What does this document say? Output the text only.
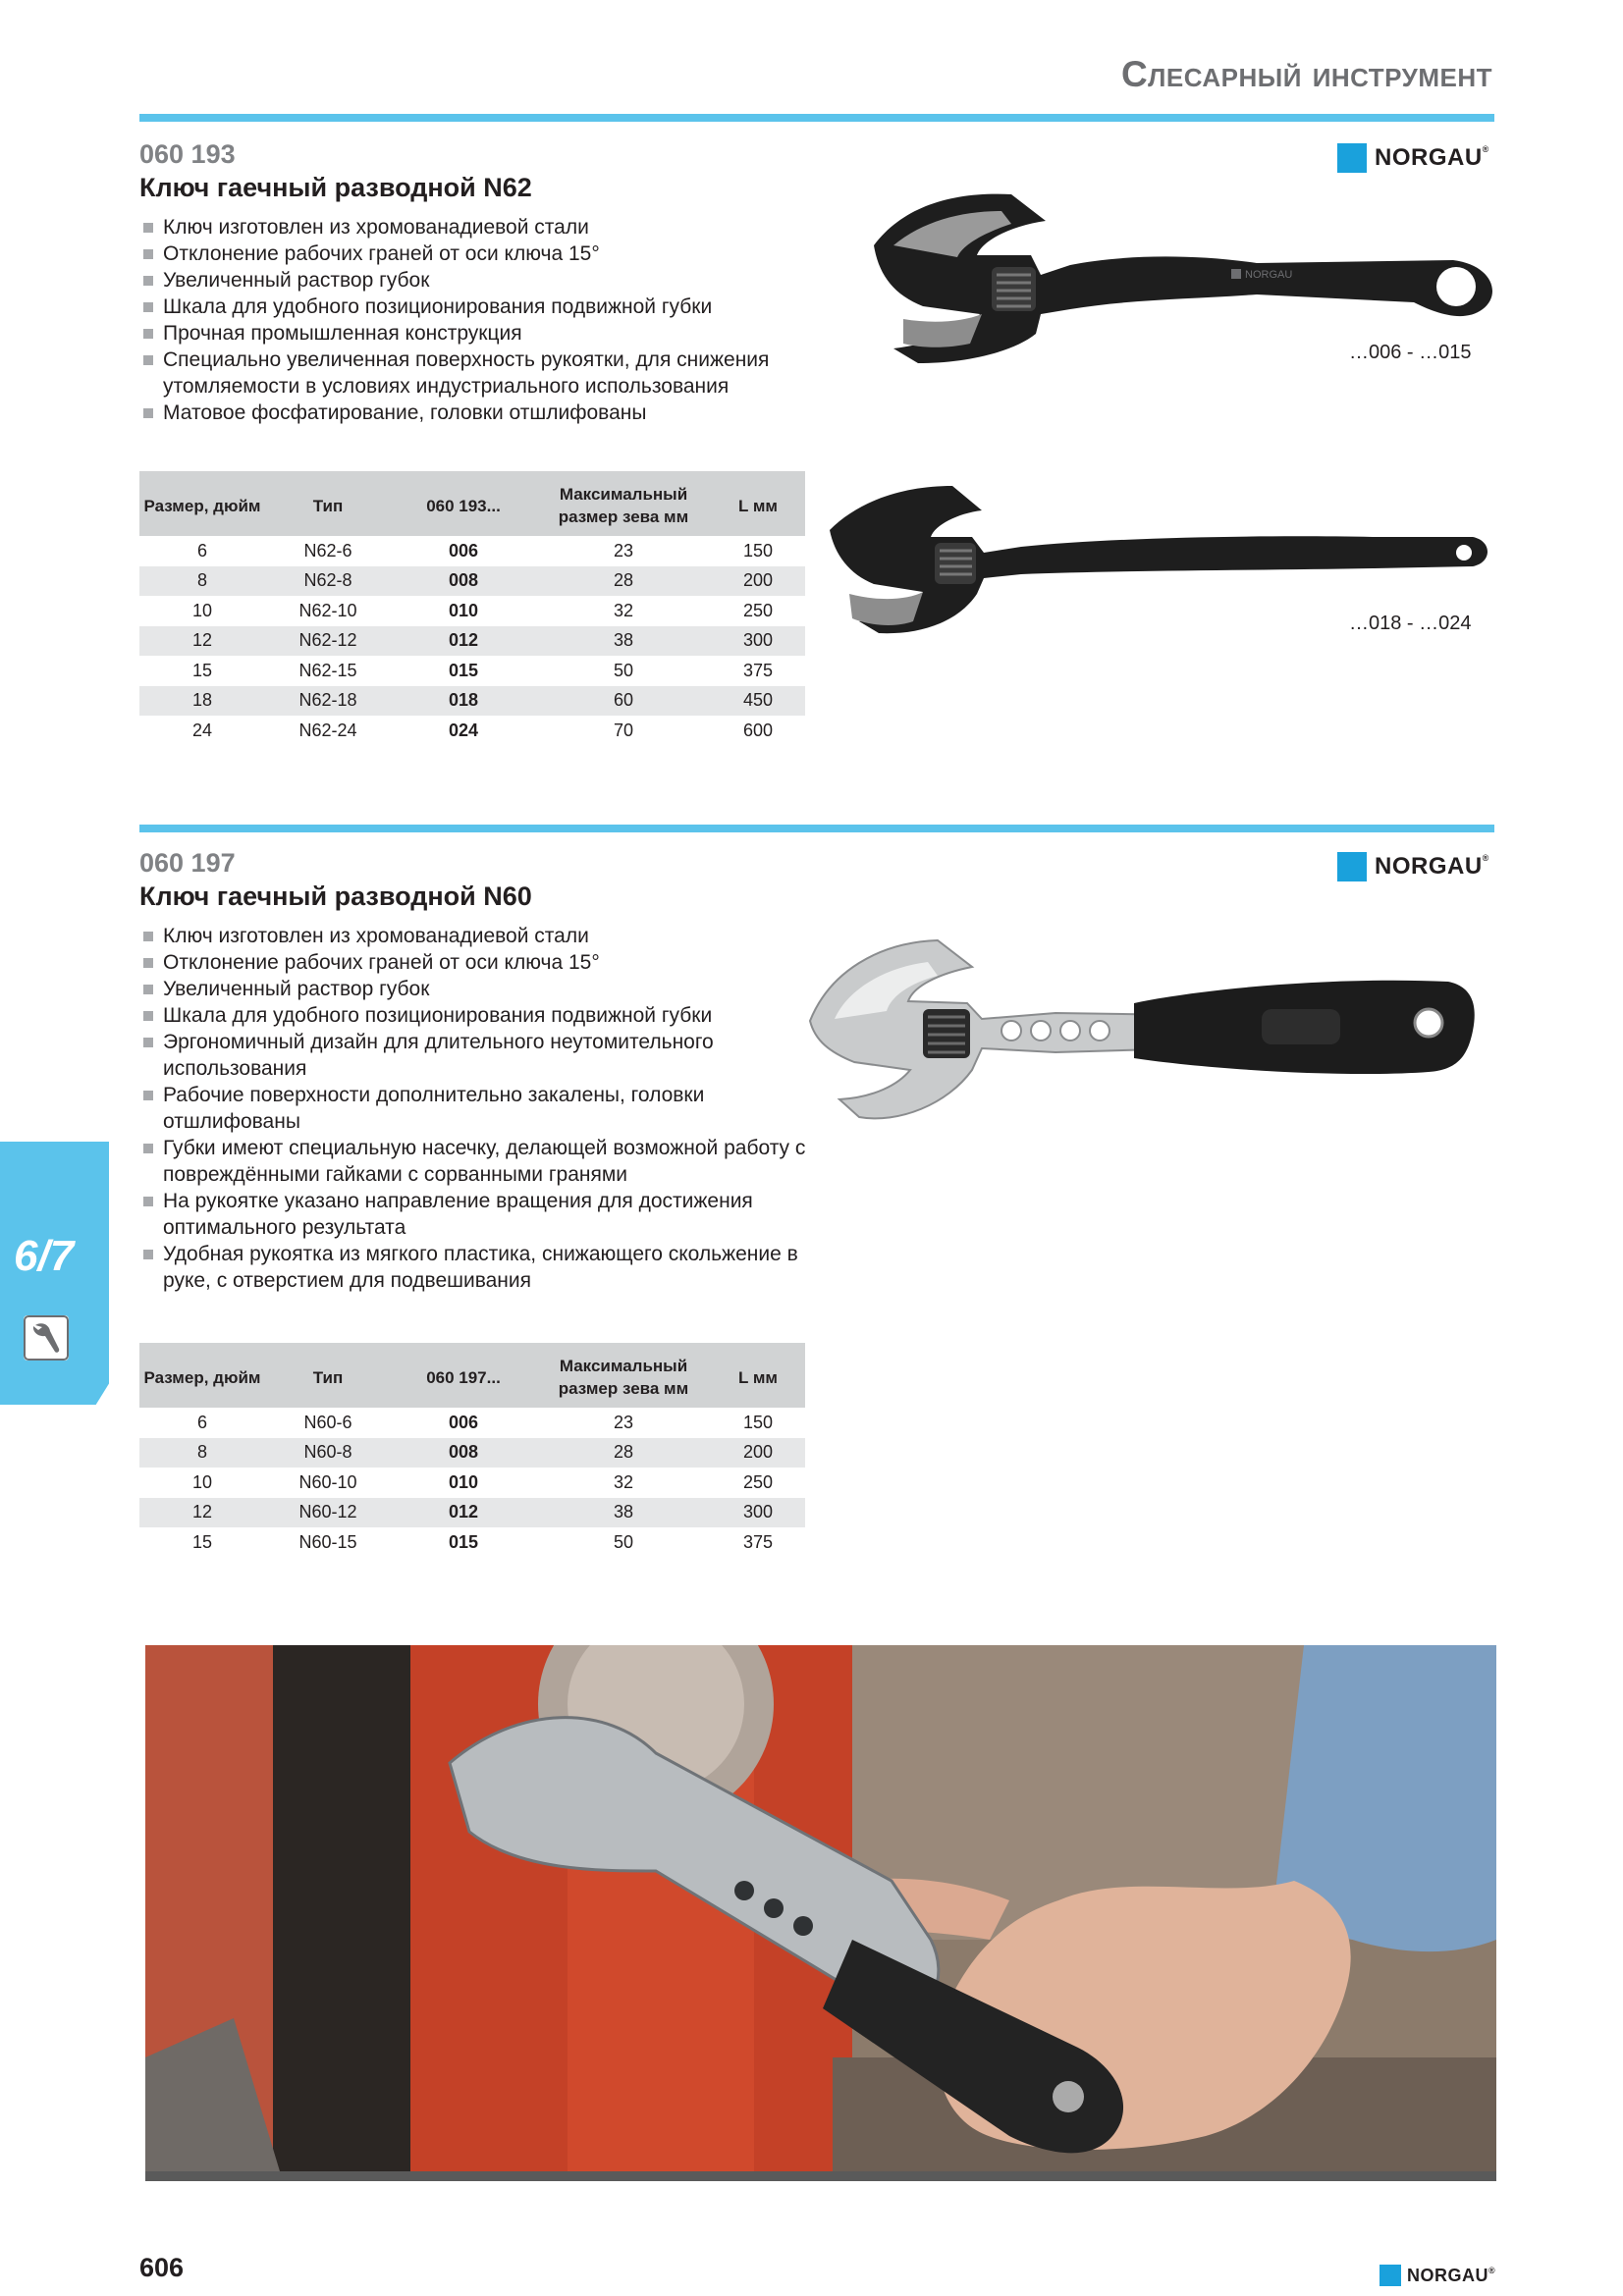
Слесарный инструмент
060 193
Ключ гаечный разводной N62
NORGAU®
Ключ изготовлен из хромованадиевой стали
Отклонение рабочих граней от оси ключа 15°
Увеличенный раствор губок
Шкала для удобного позиционирования подвижной губки
Прочная промышленная конструкция
Специально увеличенная поверхность рукоятки, для снижения утомляемости в условиях индустриального использования
Матовое фосфатирование, головки отшлифованы
NORGAU
…006 - …015
Размер, дюйм	Тип	060 193...	Максимальный размер зева мм	L мм
6	N62-6	006	23	150
8	N62-8	008	28	200
10	N62-10	010	32	250
12	N62-12	012	38	300
15	N62-15	015	50	375
18	N62-18	018	60	450
24	N62-24	024	70	600
…018 - …024
060 197
Ключ гаечный разводной N60
NORGAU®
Ключ изготовлен из хромованадиевой стали
Отклонение рабочих граней от оси ключа 15°
Увеличенный раствор губок
Шкала для удобного позиционирования подвижной губки
Эргономичный дизайн для длительного неутомительного использования
Рабочие поверхности дополнительно закалены, головки отшлифованы
Губки имеют специальную насечку, делающей возможной работу с повреждёнными гайками с сорванными гранями
На рукоятке указано направление вращения для достижения оптимального результата
Удобная рукоятка из мягкого пластика, снижающего скольжение в руке, с отверстием для подвешивания
Размер, дюйм	Тип	060 197...	Максимальный размер зева мм	L мм
6	N60-6	006	23	150
8	N60-8	008	28	200
10	N60-10	010	32	250
12	N60-12	012	38	300
15	N60-15	015	50	375
6/7
606	NORGAU®
